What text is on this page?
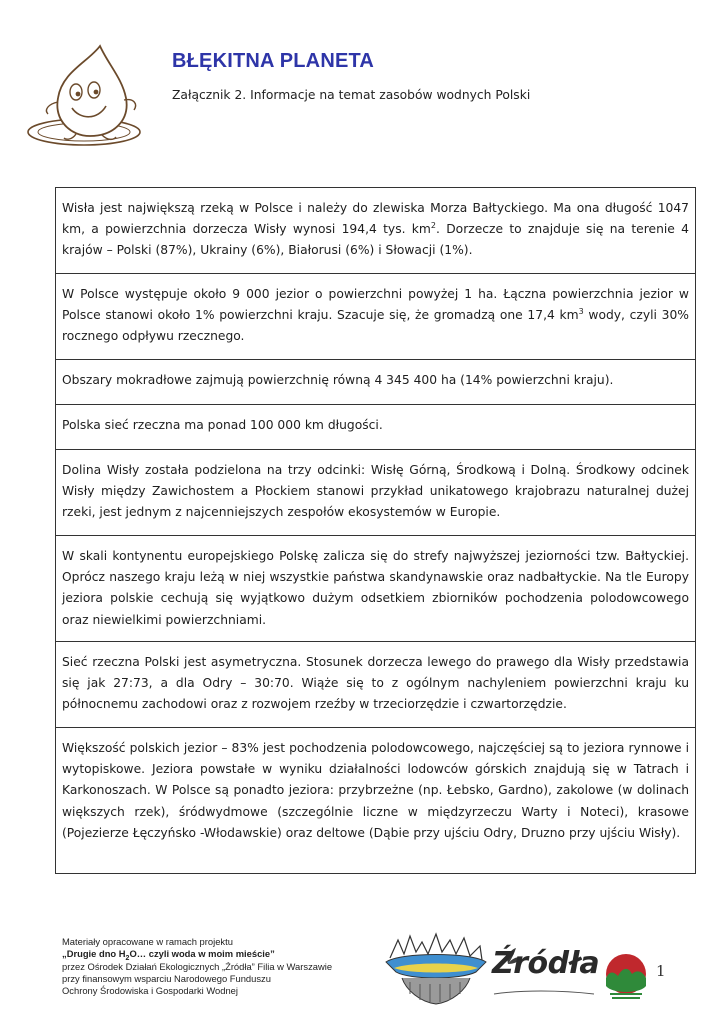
BŁĘKITNA PLANETA

Załącznik 2. Informacje na temat zasobów wodnych Polski

Wisła jest największą rzeką w Polsce i należy do zlewiska Morza Bałtyckiego. Ma ona długość 1047 km, a powierzchnia dorzecza Wisły wynosi 194,4 tys. $km^2$. Dorzecze to znajduje się na terenie 4 krajów – Polski (87%), Ukrainy (6%), Białorusi (6%) i Słowacji (1%).

W Polsce występuje około 9 000 jezior o powierzchni powyżej 1 ha. Łączna powierzchnia jezior w Polsce stanowi około 1% powierzchni kraju. Szacuje się, że gromadzą one 17,4 $km^3$ wody, czyli 30% rocznego odpływu rzecznego.

Obszary mokradłowe zajmują powierzchnię równą 4 345 400 ha (14% powierzchni kraju).

Polska sieć rzeczna ma ponad 100 000 km długości.

Dolina Wisły została podzielona na trzy odcinki: Wisłę Górną, Środkową i Dolną. Środkowy odcinek Wisły między Zawichostem a Płockiem stanowi przykład unikatowego krajobrazu naturalnej dużej rzeki, jest jednym z najcenniejszych zespołów ekosystemów w Europie.

W skali kontynentu europejskiego Polskę zalicza się do strefy najwyższej jeziorności tzw. Bałtyckiej. Oprócz naszego kraju leżą w niej wszystkie państwa skandynawskie oraz nadbałtyckie. Na tle Europy jeziora polskie cechują się wyjątkowo dużym odsetkiem zbiorników pochodzenia polodowcowego oraz niewielkimi powierzchniami.

Sieć rzeczna Polski jest asymetryczna. Stosunek dorzecza lewego do prawego dla Wisły przedstawia się jak 27:73, a dla Odry – 30:70. Wiąże się to z ogólnym nachyleniem powierzchni kraju ku północnemu zachodowi oraz z rozwojem rzeźby w trzeciorzędzie i czwartorzędzie.

Większość polskich jezior – 83% jest pochodzenia polodowcowego, najczęściej są to jeziora rynnowe i wytopiskowe. Jeziora powstałe w wyniku działalności lodowców górskich znajdują się w Tatrach i Karkonoszach. W Polsce są ponadto jeziora: przybrzeżne (np. Łebsko, Gardno), zakolowe (w dolinach większych rzek), śródwydmowe (szczególnie liczne w międzyrzeczu Warty i Noteci), krasowe (Pojezierze Łęczyńsko -Włodawskie) oraz deltowe (Dąbie przy ujściu Odry, Druzno przy ujściu Wisły).

Materiały opracowane w ramach projektu
„Drugie dno $H_2O\dots$ czyli woda w moim mieście”
przez Ośrodek Działań Ekologicznych „Źródła” Filia w Warszawie
przy finansowym wsparciu Narodowego Funduszu
Ochrony Środowiska i Gospodarki Wodnej

Źródła	1
